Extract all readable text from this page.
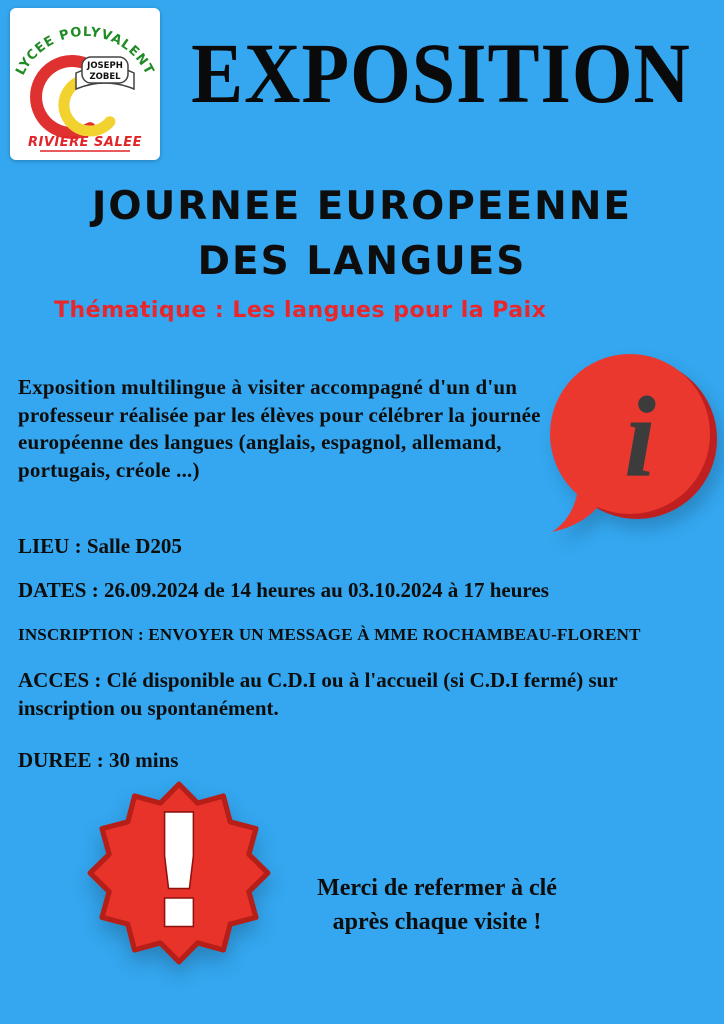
LYCEE POLYVALENT
JOSEPH
ZOBEL
RIVIERE SALEE
EXPOSITION
JOURNEE EUROPEENNE
DES LANGUES
Thématique : Les langues pour la Paix
Exposition multilingue à visiter accompagné d'un d'un professeur réalisée par les élèves pour célébrer la journée européenne des langues (anglais, espagnol, allemand, portugais, créole ...)	i
LIEU : Salle D205
DATES : 26.09.2024 de 14 heures au 03.10.2024 à 17 heures
INSCRIPTION : ENVOYER UN MESSAGE À MME ROCHAMBEAU-FLORENT
ACCES : Clé disponible au C.D.I ou à l'accueil (si C.D.I fermé) sur inscription ou spontanément.
DUREE : 30 mins
!	Merci de refermer à clé
après chaque visite !
